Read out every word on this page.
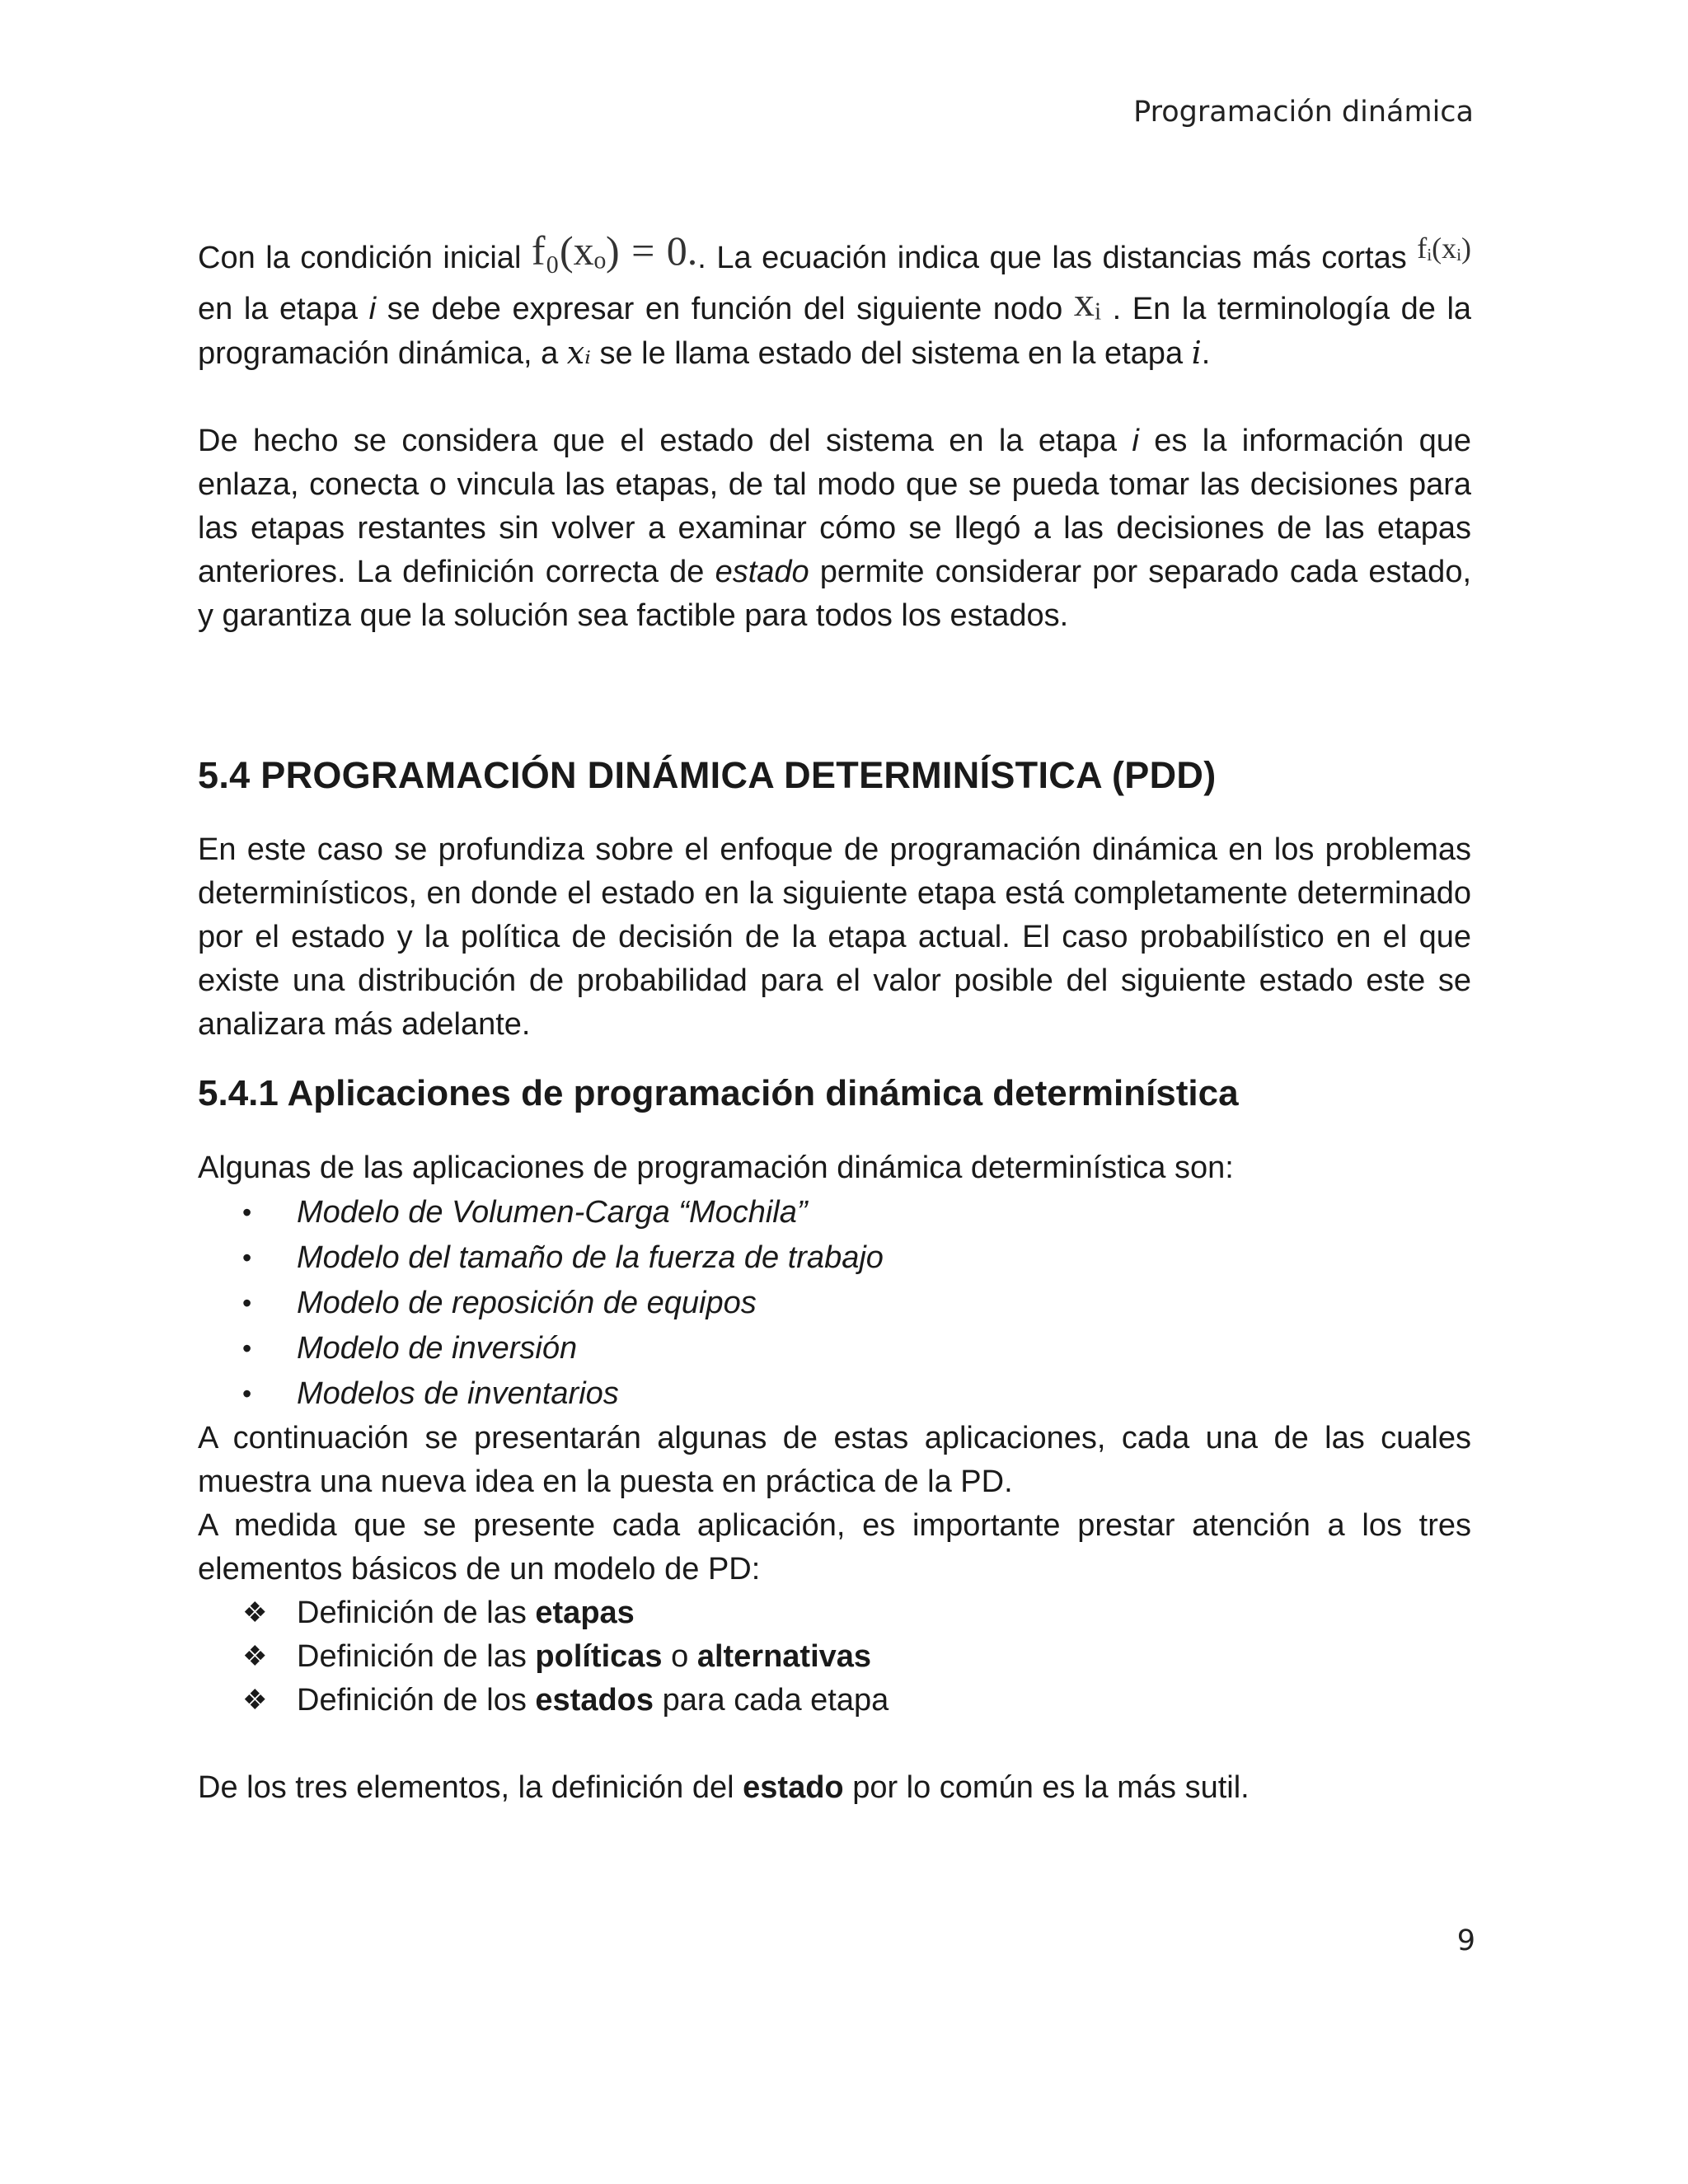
Programación dinámica

Con la condición inicial f₀(xₒ) = 0.. La ecuación indica que las distancias más cortas fᵢ(xᵢ) en la etapa i se debe expresar en función del siguiente nodo xᵢ . En la terminología de la programación dinámica, a xᵢ se le llama estado del sistema en la etapa i.

De hecho se considera que el estado del sistema en la etapa i es la información que enlaza, conecta o vincula las etapas, de tal modo que se pueda tomar las decisiones para las etapas restantes sin volver a examinar cómo se llegó a las decisiones de las etapas anteriores. La definición correcta de estado permite considerar por separado cada estado, y garantiza que la solución sea factible para todos los estados.

5.4 PROGRAMACIÓN DINÁMICA DETERMINÍSTICA (PDD)

En este caso se profundiza sobre el enfoque de programación dinámica en los problemas determinísticos, en donde el estado en la siguiente etapa está completamente determinado por el estado y la política de decisión de la etapa actual. El caso probabilístico en el que existe una distribución de probabilidad para el valor posible del siguiente estado este se analizara más adelante.

5.4.1 Aplicaciones de programación dinámica determinística

Algunas de las aplicaciones de programación dinámica determinística son:

• Modelo de Volumen-Carga “Mochila”
• Modelo del tamaño de la fuerza de trabajo
• Modelo de reposición de equipos
• Modelo de inversión
• Modelos de inventarios

A continuación se presentarán algunas de estas aplicaciones, cada una de las cuales muestra una nueva idea en la puesta en práctica de la PD.

A medida que se presente cada aplicación, es importante prestar atención a los tres elementos básicos de un modelo de PD:

❖ Definición de las etapas
❖ Definición de las políticas o alternativas
❖ Definición de los estados para cada etapa

De los tres elementos, la definición del estado por lo común es la más sutil.

9
